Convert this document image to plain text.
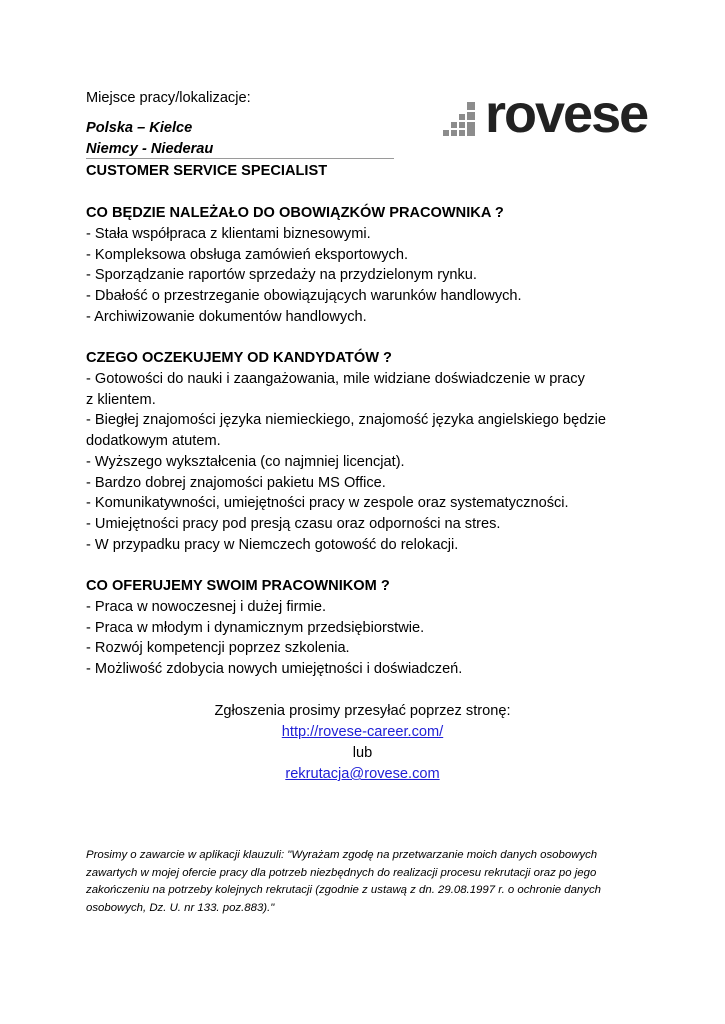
Miejsce pracy/lokalizacje:
Polska – Kielce
Niemcy - Niederau
CUSTOMER SERVICE SPECIALIST
rovese
CO BĘDZIE NALEŻAŁO DO OBOWIĄZKÓW PRACOWNIKA ?
- Stała współpraca z klientami biznesowymi.
- Kompleksowa obsługa zamówień eksportowych.
- Sporządzanie raportów sprzedaży na przydzielonym rynku.
- Dbałość o przestrzeganie obowiązujących warunków handlowych.
- Archiwizowanie dokumentów handlowych.
CZEGO OCZEKUJEMY OD KANDYDATÓW ?
- Gotowości do nauki i zaangażowania, mile widziane doświadczenie w pracy
z klientem.
- Biegłej znajomości języka niemieckiego, znajomość języka angielskiego będzie
dodatkowym atutem.
- Wyższego wykształcenia (co najmniej licencjat).
- Bardzo dobrej znajomości pakietu MS Office.
- Komunikatywności, umiejętności pracy w zespole oraz systematyczności.
- Umiejętności pracy pod presją czasu oraz odporności na stres.
- W przypadku pracy w Niemczech gotowość do relokacji.
CO OFERUJEMY SWOIM PRACOWNIKOM ?
- Praca w nowoczesnej i dużej firmie.
- Praca w młodym i dynamicznym przedsiębiorstwie.
- Rozwój kompetencji poprzez szkolenia.
- Możliwość zdobycia nowych umiejętności i doświadczeń.
Zgłoszenia prosimy przesyłać poprzez stronę:
http://rovese-career.com/
lub
rekrutacja@rovese.com
Prosimy o zawarcie w aplikacji klauzuli: "Wyrażam zgodę na przetwarzanie moich danych osobowych zawartych w mojej ofercie pracy dla potrzeb niezbędnych do realizacji procesu rekrutacji oraz po jego zakończeniu na potrzeby kolejnych rekrutacji (zgodnie z ustawą z dn. 29.08.1997 r. o ochronie danych osobowych, Dz. U. nr 133. poz.883)."
